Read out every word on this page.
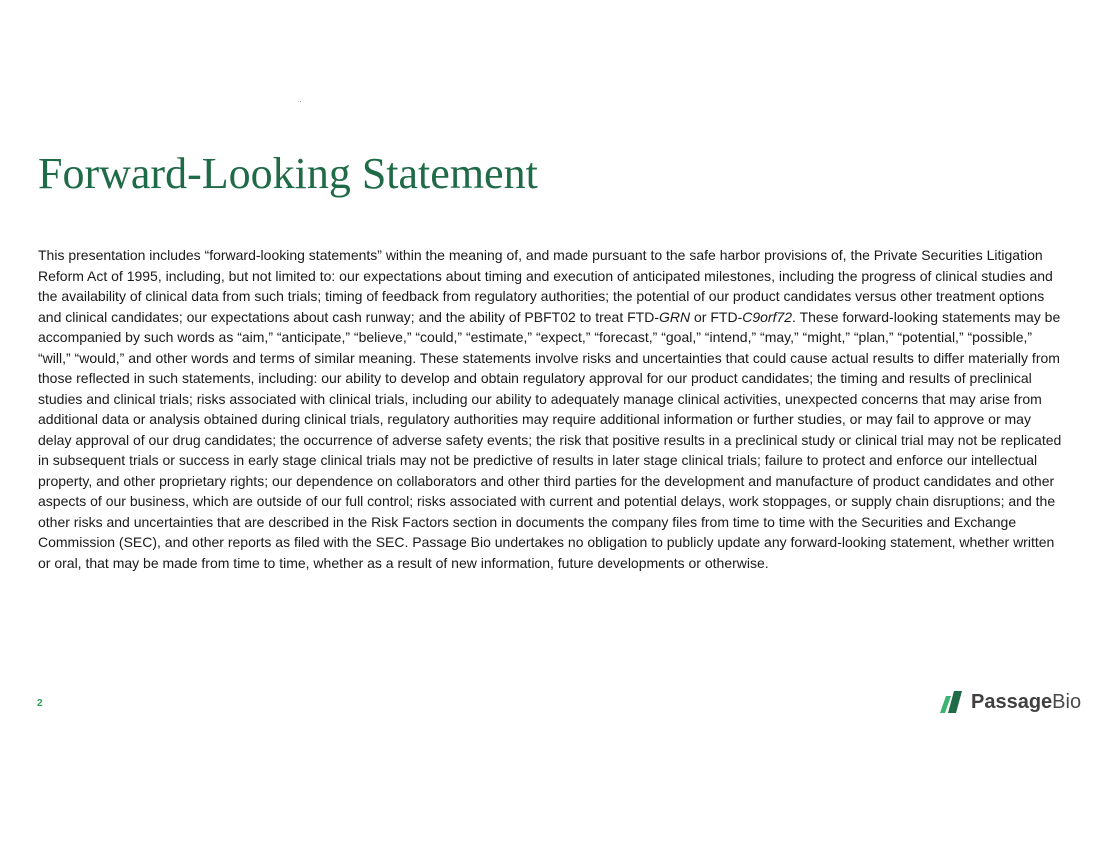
Forward-Looking Statement

This presentation includes “forward-looking statements” within the meaning of, and made pursuant to the safe harbor provisions of, the Private Securities Litigation Reform Act of 1995, including, but not limited to: our expectations about timing and execution of anticipated milestones, including the progress of clinical studies and the availability of clinical data from such trials; timing of feedback from regulatory authorities; the potential of our product candidates versus other treatment options and clinical candidates; our expectations about cash runway; and the ability of PBFT02 to treat FTD-GRN or FTD-C9orf72. These forward-looking statements may be accompanied by such words as “aim,” “anticipate,” “believe,” “could,” “estimate,” “expect,” “forecast,” “goal,” “intend,” “may,” “might,” “plan,” “potential,” “possible,” “will,” “would,” and other words and terms of similar meaning. These statements involve risks and uncertainties that could cause actual results to differ materially from those reflected in such statements, including: our ability to develop and obtain regulatory approval for our product candidates; the timing and results of preclinical studies and clinical trials; risks associated with clinical trials, including our ability to adequately manage clinical activities, unexpected concerns that may arise from additional data or analysis obtained during clinical trials, regulatory authorities may require additional information or further studies, or may fail to approve or may delay approval of our drug candidates; the occurrence of adverse safety events; the risk that positive results in a preclinical study or clinical trial may not be replicated in subsequent trials or success in early stage clinical trials may not be predictive of results in later stage clinical trials; failure to protect and enforce our intellectual property, and other proprietary rights; our dependence on collaborators and other third parties for the development and manufacture of product candidates and other aspects of our business, which are outside of our full control; risks associated with current and potential delays, work stoppages, or supply chain disruptions; and the other risks and uncertainties that are described in the Risk Factors section in documents the company files from time to time with the Securities and Exchange Commission (SEC), and other reports as filed with the SEC. Passage Bio undertakes no obligation to publicly update any forward-looking statement, whether written or oral, that may be made from time to time, whether as a result of new information, future developments or otherwise.

2	PassageBio
